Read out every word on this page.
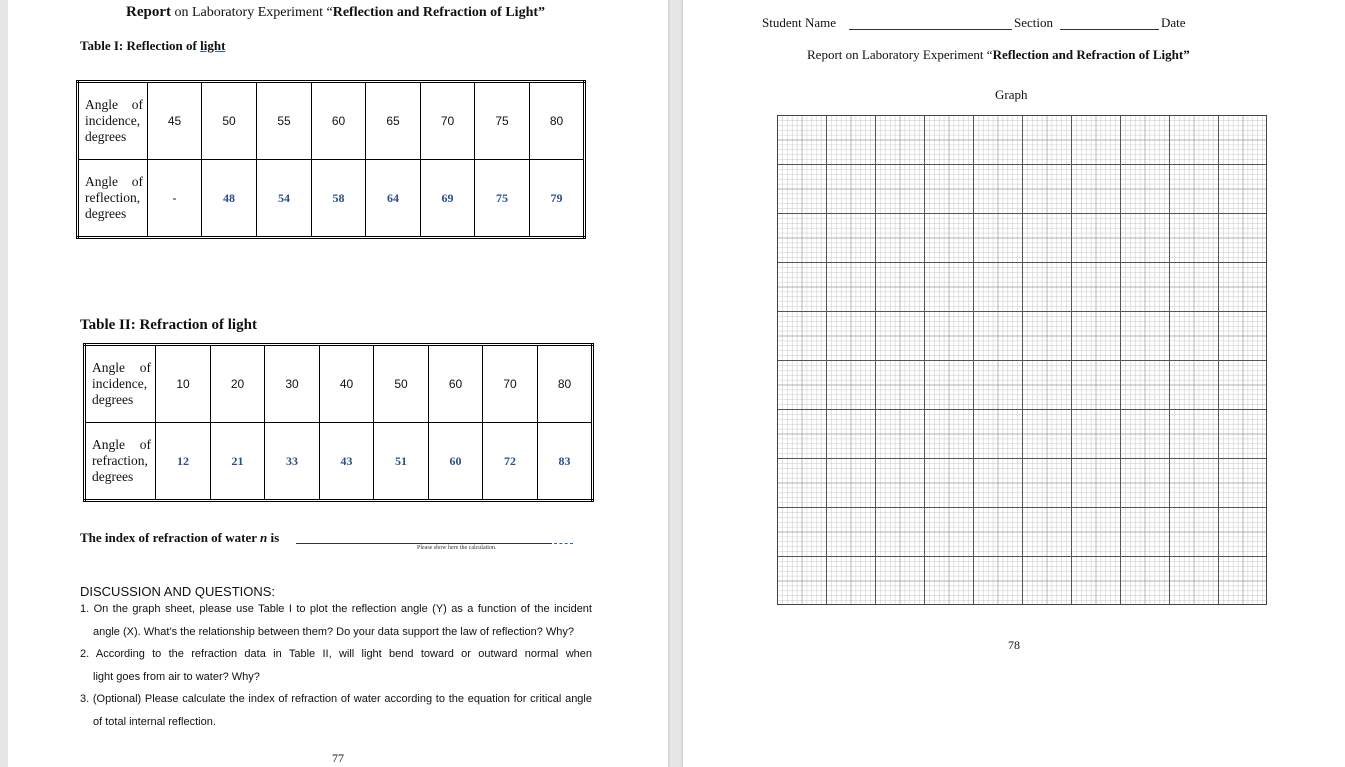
Report on Laboratory Experiment “Reflection and Refraction of Light”
Table I: Reflection of light
Angle of incidence, degrees	45	50	55	60	65	70	75	80
Angle of reflection, degrees	-	48	54	58	64	69	75	79
Table II: Refraction of light
Angle of incidence, degrees	10	20	30	40	50	60	70	80
Angle of refraction, degrees	12	21	33	43	51	60	72	83
The index of refraction of water n is
Please show here the calculation.
DISCUSSION AND QUESTIONS:
1. On the graph sheet, please use Table I to plot the reflection angle (Y) as a function of the incident
angle (X). What’s the relationship between them? Do your data support the law of reflection? Why?
2. According to the refraction data in Table II, will light bend toward or outward normal when
light goes from air to water? Why?
3. (Optional) Please calculate the index of refraction of water according to the equation for critical angle
of total internal reflection.
77
Student Name	Section	Date
Report on Laboratory Experiment “Reflection and Refraction of Light”
Graph
78
